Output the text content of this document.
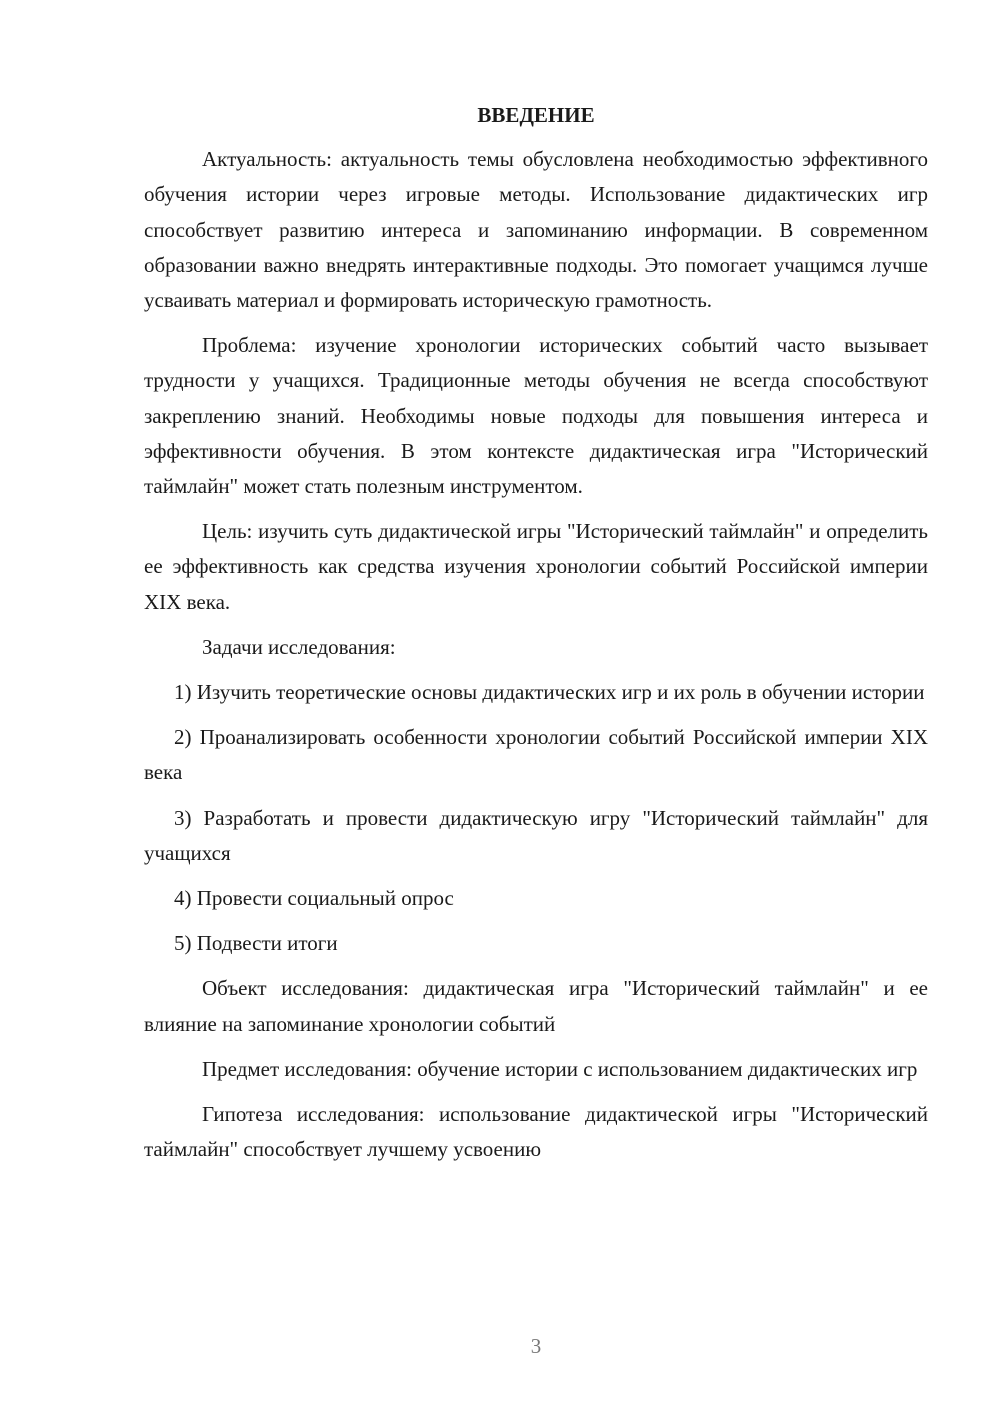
ВВЕДЕНИЕ

Актуальность: актуальность темы обусловлена необходимостью эффективного обучения истории через игровые методы. Использование дидактических игр способствует развитию интереса и запоминанию информации. В современном образовании важно внедрять интерактивные подходы. Это помогает учащимся лучше усваивать материал и формировать историческую грамотность.

Проблема: изучение хронологии исторических событий часто вызывает трудности у учащихся. Традиционные методы обучения не всегда способствуют закреплению знаний. Необходимы новые подходы для повышения интереса и эффективности обучения. В этом контексте дидактическая игра "Исторический таймлайн" может стать полезным инструментом.

Цель: изучить суть дидактической игры "Исторический таймлайн" и определить ее эффективность как средства изучения хронологии событий Российской империи XIX века.

Задачи исследования:

1) Изучить теоретические основы дидактических игр и их роль в обучении истории

2) Проанализировать особенности хронологии событий Российской империи XIX века

3) Разработать и провести дидактическую игру "Исторический таймлайн" для учащихся

4) Провести социальный опрос

5) Подвести итоги

Объект исследования: дидактическая игра "Исторический таймлайн" и ее влияние на запоминание хронологии событий

Предмет исследования: обучение истории с использованием дидактических игр

Гипотеза исследования: использование дидактической игры "Исторический таймлайн" способствует лучшему усвоению

3
